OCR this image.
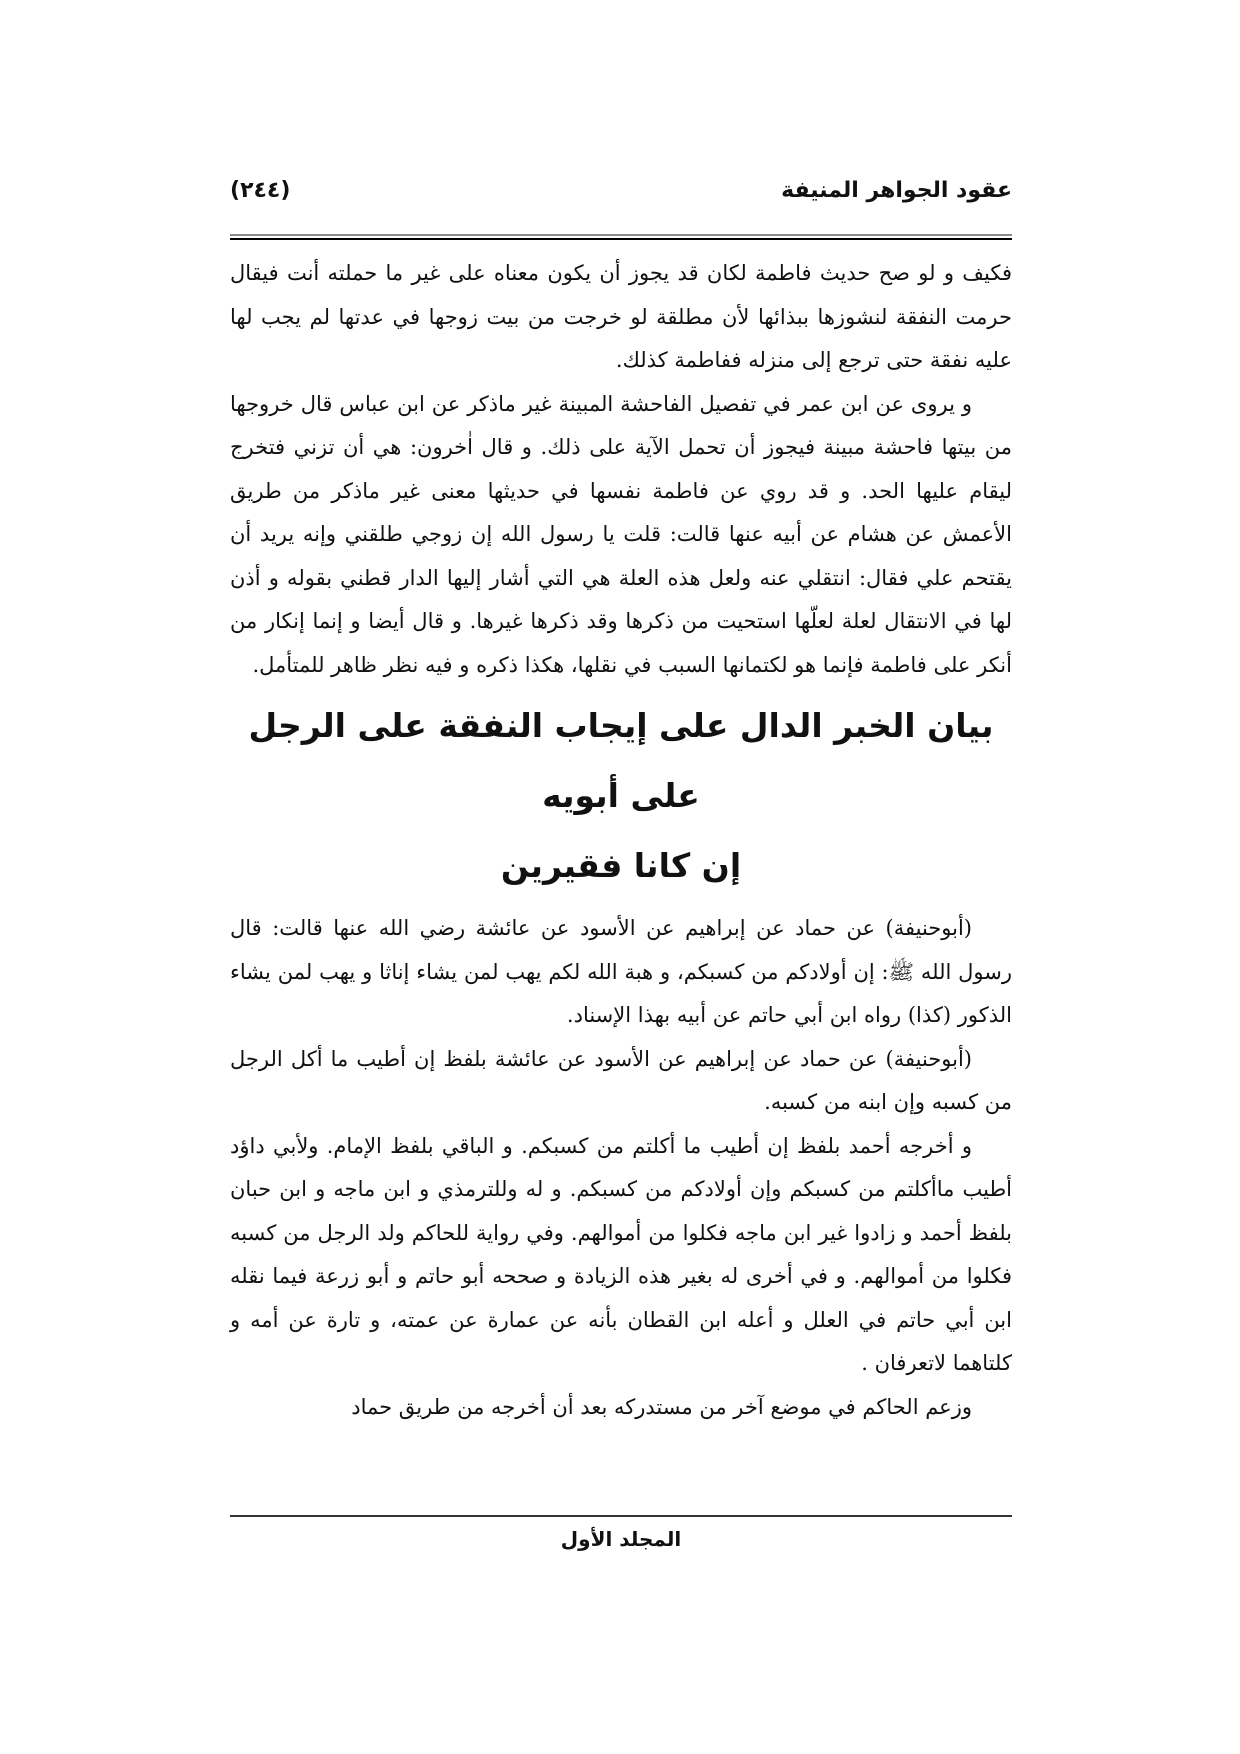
عقود الجواهر المنيفة
(٢٤٤)

فكيف و لو صح حديث فاطمة لكان قد يجوز أن يكون معناه على غير ما حملته أنت فيقال حرمت النفقة لنشوزها ببذائها لأن مطلقة لو خرجت من بيت زوجها في عدتها لم يجب لها عليه نفقة حتى ترجع إلى منزله ففاطمة كذلك.

و يروى عن ابن عمر في تفصيل الفاحشة المبينة غير ماذكر عن ابن عباس قال خروجها من بيتها فاحشة مبينة فيجوز أن تحمل الآية على ذلك. و قال اٰخرون: هي أن تزني فتخرج ليقام عليها الحد. و قد روي عن فاطمة نفسها في حديثها معنى غير ماذكر من طريق الأعمش عن هشام عن أبيه عنها قالت: قلت يا رسول الله إن زوجي طلقني وإنه يريد أن يقتحم علي فقال: انتقلي عنه ولعل هذه العلة هي التي أشار إليها الدار قطني بقوله و أذن لها في الانتقال لعلة لعلّها استحيت من ذكرها وقد ذكرها غيرها. و قال أيضا و إنما إنكار من أنكر على فاطمة فإنما هو لكتمانها السبب في نقلها، هكذا ذكره و فيه نظر ظاهر للمتأمل.

بيان الخبر الدال على إيجاب النفقة على الرجل على أبويه
إن كانا فقيرين

(أبوحنيفة) عن حماد عن إبراهيم عن الأسود عن عائشة رضي الله عنها قالت: قال رسول الله ﷺ: إن أولادكم من كسبكم، و هبة الله لكم يهب لمن يشاء إناثا و يهب لمن يشاء الذكور (كذا) رواه ابن أبي حاتم عن أبيه بهذا الإسناد.

(أبوحنيفة) عن حماد عن إبراهيم عن الأسود عن عائشة بلفظ إن أطيب ما أكل الرجل من كسبه وإن ابنه من كسبه.

و أخرجه أحمد بلفظ إن أطيب ما أكلتم من كسبكم. و الباقي بلفظ الإمام. ولأبي داؤد أطيب ماأكلتم من كسبكم وإن أولادكم من كسبكم. و له وللترمذي و ابن ماجه و ابن حبان بلفظ أحمد و زادوا غير ابن ماجه فكلوا من أموالهم. وفي رواية للحاكم ولد الرجل من كسبه فكلوا من أموالهم. و في أخرى له بغير هذه الزيادة و صححه أبو حاتم و أبو زرعة فيما نقله ابن أبي حاتم في العلل و أعله ابن القطان بأنه عن عمارة عن عمته، و تارة عن أمه و كلتاهما لاتعرفان .

وزعم الحاكم في موضع آخر من مستدركه بعد أن أخرجه من طريق حماد

المجلد الأول
